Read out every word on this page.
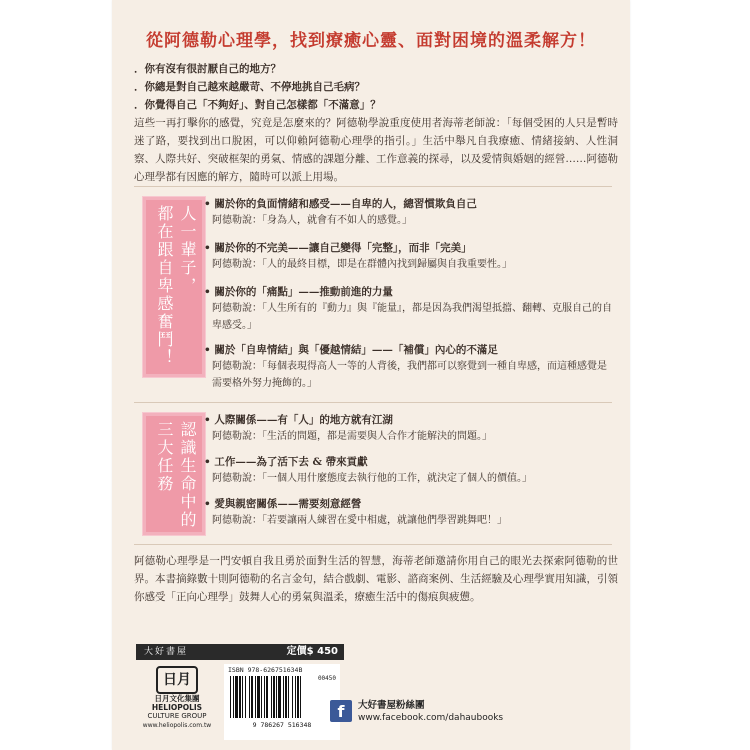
從阿德勒心理學，找到療癒心靈、面對困境的溫柔解方！
．你有沒有很討厭自己的地方？
．你總是對自己越來越嚴苛、不停地挑自己毛病？
．你覺得自己「不夠好」、對自己怎樣都「不滿意」？
這些一再打擊你的感覺，究竟是怎麼來的？阿德勒學說重度使用者海蒂老師說：「每個受困的人只是暫時迷了路，要找到出口脫困，可以仰賴阿德勒心理學的指引。」生活中舉凡自我療癒、情緒接納、人性洞察、人際共好、突破框架的勇氣、情感的課題分離、工作意義的探尋，以及愛情與婚姻的經營……阿德勒心理學都有因應的解方，隨時可以派上用場。
人一輩子，
都在跟自卑感奮鬥！
• 關於你的負面情緒和感受——自卑的人，總習慣欺負自己
阿德勒說：「身為人，就會有不如人的感覺。」
• 關於你的不完美——讓自己變得「完整」，而非「完美」
阿德勒說：「人的最終目標，即是在群體內找到歸屬與自我重要性。」
• 關於你的「痛點」——推動前進的力量
阿德勒說：「人生所有的『動力』與『能量』，都是因為我們渴望抵擋、翻轉、克服自己的自卑感受。」
• 關於「自卑情結」與「優越情結」——「補償」內心的不滿足
阿德勒說：「每個表現得高人一等的人背後，我們都可以察覺到一種自卑感，而這種感覺是需要格外努力掩飾的。」
認識生命中的
三大任務
• 人際關係——有「人」的地方就有江湖
阿德勒說：「生活的問題，都是需要與人合作才能解決的問題。」
• 工作——為了活下去 & 帶來貢獻
阿德勒說：「一個人用什麼態度去執行他的工作，就決定了個人的價值。」
• 愛與親密關係——需要刻意經營
阿德勒說：「若要讓兩人練習在愛中相處，就讓他們學習跳舞吧！」
阿德勒心理學是一門安頓自我且勇於面對生活的智慧，海蒂老師邀請你用自己的眼光去探索阿德勒的世界。本書摘錄數十則阿德勒的名言金句，結合戲劇、電影、諮商案例、生活經驗及心理學實用知識，引領你感受「正向心理學」鼓舞人心的勇氣與溫柔，療癒生活中的傷痕與疲憊。
大好書屋	定價$ 450
日月
日月文化集團
HELIOPOLIS
CULTURE GROUP
www.heliopolis.com.tw
ISBN 978-626751634B
00450
9 786267 516348
f	大好書屋粉絲團
www.facebook.com/dahaubooks
